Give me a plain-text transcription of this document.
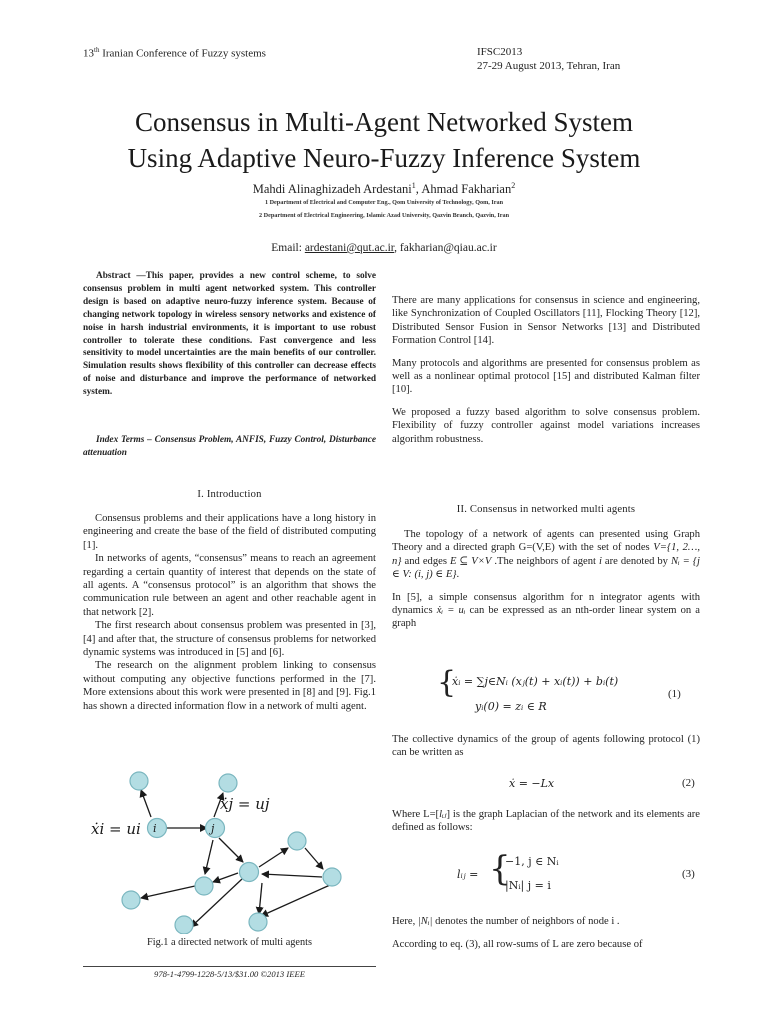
13th Iranian Conference of Fuzzy systems	IFSC2013
27-29 August 2013, Tehran, Iran
Consensus in Multi-Agent Networked System
Using Adaptive Neuro-Fuzzy Inference System
Mahdi Alinaghizadeh Ardestani$^1$, Ahmad Fakharian$^2$
1 Department of Electrical and Computer Eng., Qom University of Technology, Qom, Iran
2 Department of Electrical Engineering, Islamic Azad University, Qazvin Branch, Qazvin, Iran
Email: ardestani@qut.ac.ir, fakharian@qiau.ac.ir
Abstract —This paper, provides a new control scheme, to solve consensus problem in multi agent networked system. This controller design is based on adaptive neuro-fuzzy inference system. Because of changing network topology in wireless sensory networks and existence of noise in harsh industrial environments, it is important to use robust controller to tolerate these conditions. Fast convergence and less sensitivity to model uncertainties are the main benefits of our controller. Simulation results shows flexibility of this controller can decrease effects of noise and disturbance and improve the performance of networked system.
Index Terms – Consensus Problem, ANFIS, Fuzzy Control, Disturbance attenuation
I. Introduction

Consensus problems and their applications have a long history in engineering and create the base of the field of distributed computing [1].

In networks of agents, “consensus” means to reach an agreement regarding a certain quantity of interest that depends on the state of all agents. A “consensus protocol” is an algorithm that shows the communication rule between an agent and other reachable agent in that network [2].

The first research about consensus problem was presented in [3], [4] and after that, the structure of consensus problems for networked dynamic systems was introduced in [5] and [6].

The research on the alignment problem linking to consensus without computing any objective functions performed in the [7]. More extensions about this work were presented in [8] and [9]. Fig.1 has shown a directed information flow in a network of multi agent.

ẋi = ui i
ẋj = uj
j
Fig.1 a directed network of multi agents
978-1-4799-1228-5/13/$31.00 ©2013 IEEE

There are many applications for consensus in science and engineering, like Synchronization of Coupled Oscillators [11], Flocking Theory [12], Distributed Sensor Fusion in Sensor Networks [13] and Distributed Formation Control [14].

Many protocols and algorithms are presented for consensus problem as well as a nonlinear optimal protocol [15] and distributed Kalman filter [10].

We proposed a fuzzy based algorithm to solve consensus problem. Flexibility of fuzzy controller against model variations increases algorithm robustness.

II. Consensus in networked multi agents

The topology of a network of agents can presented using Graph Theory and a directed graph G=(V,E) with the set of nodes V={1, 2…, n} and edges E ⊆ V×V .The neighbors of agent i are denoted by Nᵢ = {j ∈ V: (i, j) ∈ E}.

In [5], a simple consensus algorithm for n integrator agents with dynamics ẋᵢ = uᵢ can be expressed as an nth-order linear system on a graph

{
ẋᵢ = ∑j∈Nᵢ (xⱼ(t) + xᵢ(t)) + bᵢ(t)
yᵢ(0) = zᵢ ∈ R
(1)
The collective dynamics of the group of agents following protocol (1) can be written as
ẋ = −Lx	(2)
Where L=[lᵢⱼ] is the graph Laplacian of the network and its elements are defined as follows:
lᵢⱼ = {
−1, j ∈ Nᵢ
|Nᵢ| j = i
(3)
Here, |Nᵢ| denotes the number of neighbors of node i .
According to eq. (3), all row-sums of L are zero because of
